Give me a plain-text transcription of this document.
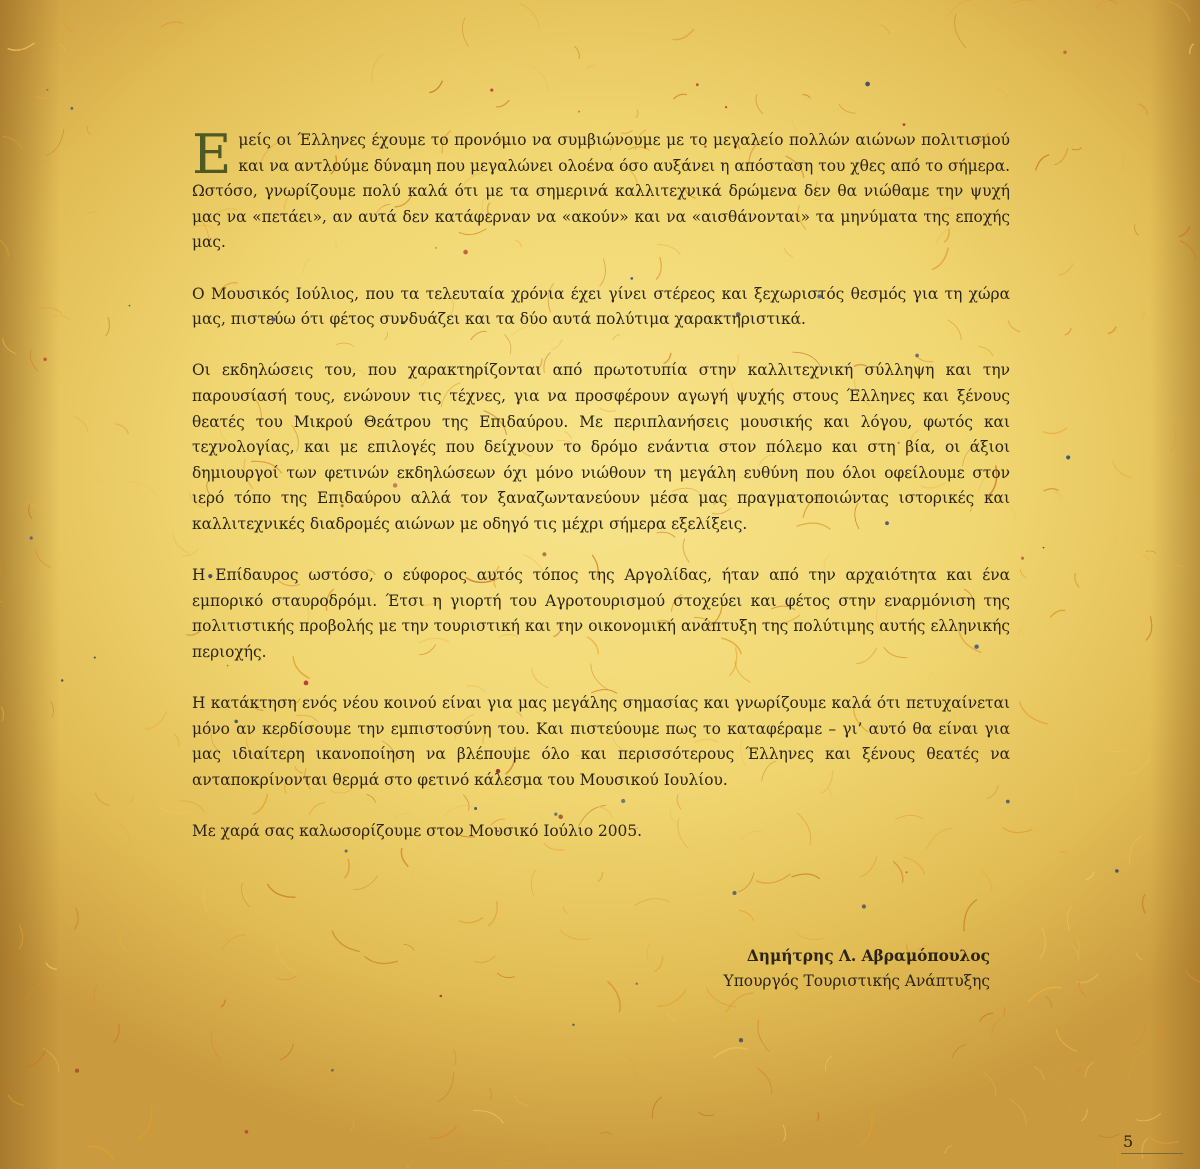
Εμείς οι Έλληνες έχουμε το προνόμιο να συμβιώνουμε με το μεγαλείο πολλών αιώνων πολιτισμού και να αντλούμε δύναμη που μεγαλώνει ολοένα όσο αυξάνει η απόσταση του χθες από το σήμερα. Ωστόσο, γνωρίζουμε πολύ καλά ότι με τα σημερινά καλλιτεχνικά δρώμενα δεν θα νιώθαμε την ψυχή μας να «πετάει», αν αυτά δεν κατάφερναν να «ακούν» και να «αισθάνονται» τα μηνύματα της εποχής μας.

Ο Μουσικός Ιούλιος, που τα τελευταία χρόνια έχει γίνει στέρεος και ξεχωριστός θεσμός για τη χώρα μας, πιστεύω ότι φέτος συνδυάζει και τα δύο αυτά πολύτιμα χαρακτηριστικά.

Οι εκδηλώσεις του, που χαρακτηρίζονται από πρωτοτυπία στην καλλιτεχνική σύλληψη και την παρουσίασή τους, ενώνουν τις τέχνες, για να προσφέρουν αγωγή ψυχής στους Έλληνες και ξένους θεατές του Μικρού Θεάτρου της Επιδαύρου. Με περιπλανήσεις μουσικής και λόγου, φωτός και τεχνολογίας, και με επιλογές που δείχνουν το δρόμο ενάντια στον πόλεμο και στη βία, οι άξιοι δημιουργοί των φετινών εκδηλώσεων όχι μόνο νιώθουν τη μεγάλη ευθύνη που όλοι οφείλουμε στον ιερό τόπο της Επιδαύρου αλλά τον ξαναζωντανεύουν μέσα μας πραγματοποιώντας ιστορικές και καλλιτεχνικές διαδρομές αιώνων με οδηγό τις μέχρι σήμερα εξελίξεις.

Η Επίδαυρος ωστόσο, ο εύφορος αυτός τόπος της Αργολίδας, ήταν από την αρχαιότητα και ένα εμπορικό σταυροδρόμι. Έτσι η γιορτή του Αγροτουρισμού στοχεύει και φέτος στην εναρμόνιση της πολιτιστικής προβολής με την τουριστική και την οικονομική ανάπτυξη της πολύτιμης αυτής ελληνικής περιοχής.

Η κατάκτηση ενός νέου κοινού είναι για μας μεγάλης σημασίας και γνωρίζουμε καλά ότι πετυχαίνεται μόνο αν κερδίσουμε την εμπιστοσύνη του. Και πιστεύουμε πως το καταφέραμε – γι’ αυτό θα είναι για μας ιδιαίτερη ικανοποίηση να βλέπουμε όλο και περισσότερους Έλληνες και ξένους θεατές να ανταποκρίνονται θερμά στο φετινό κάλεσμα του Μουσικού Ιουλίου.

Με χαρά σας καλωσορίζουμε στον Μουσικό Ιούλιο 2005.

Δημήτρης Λ. Αβραμόπουλος
Υπουργός Τουριστικής Ανάπτυξης
5
